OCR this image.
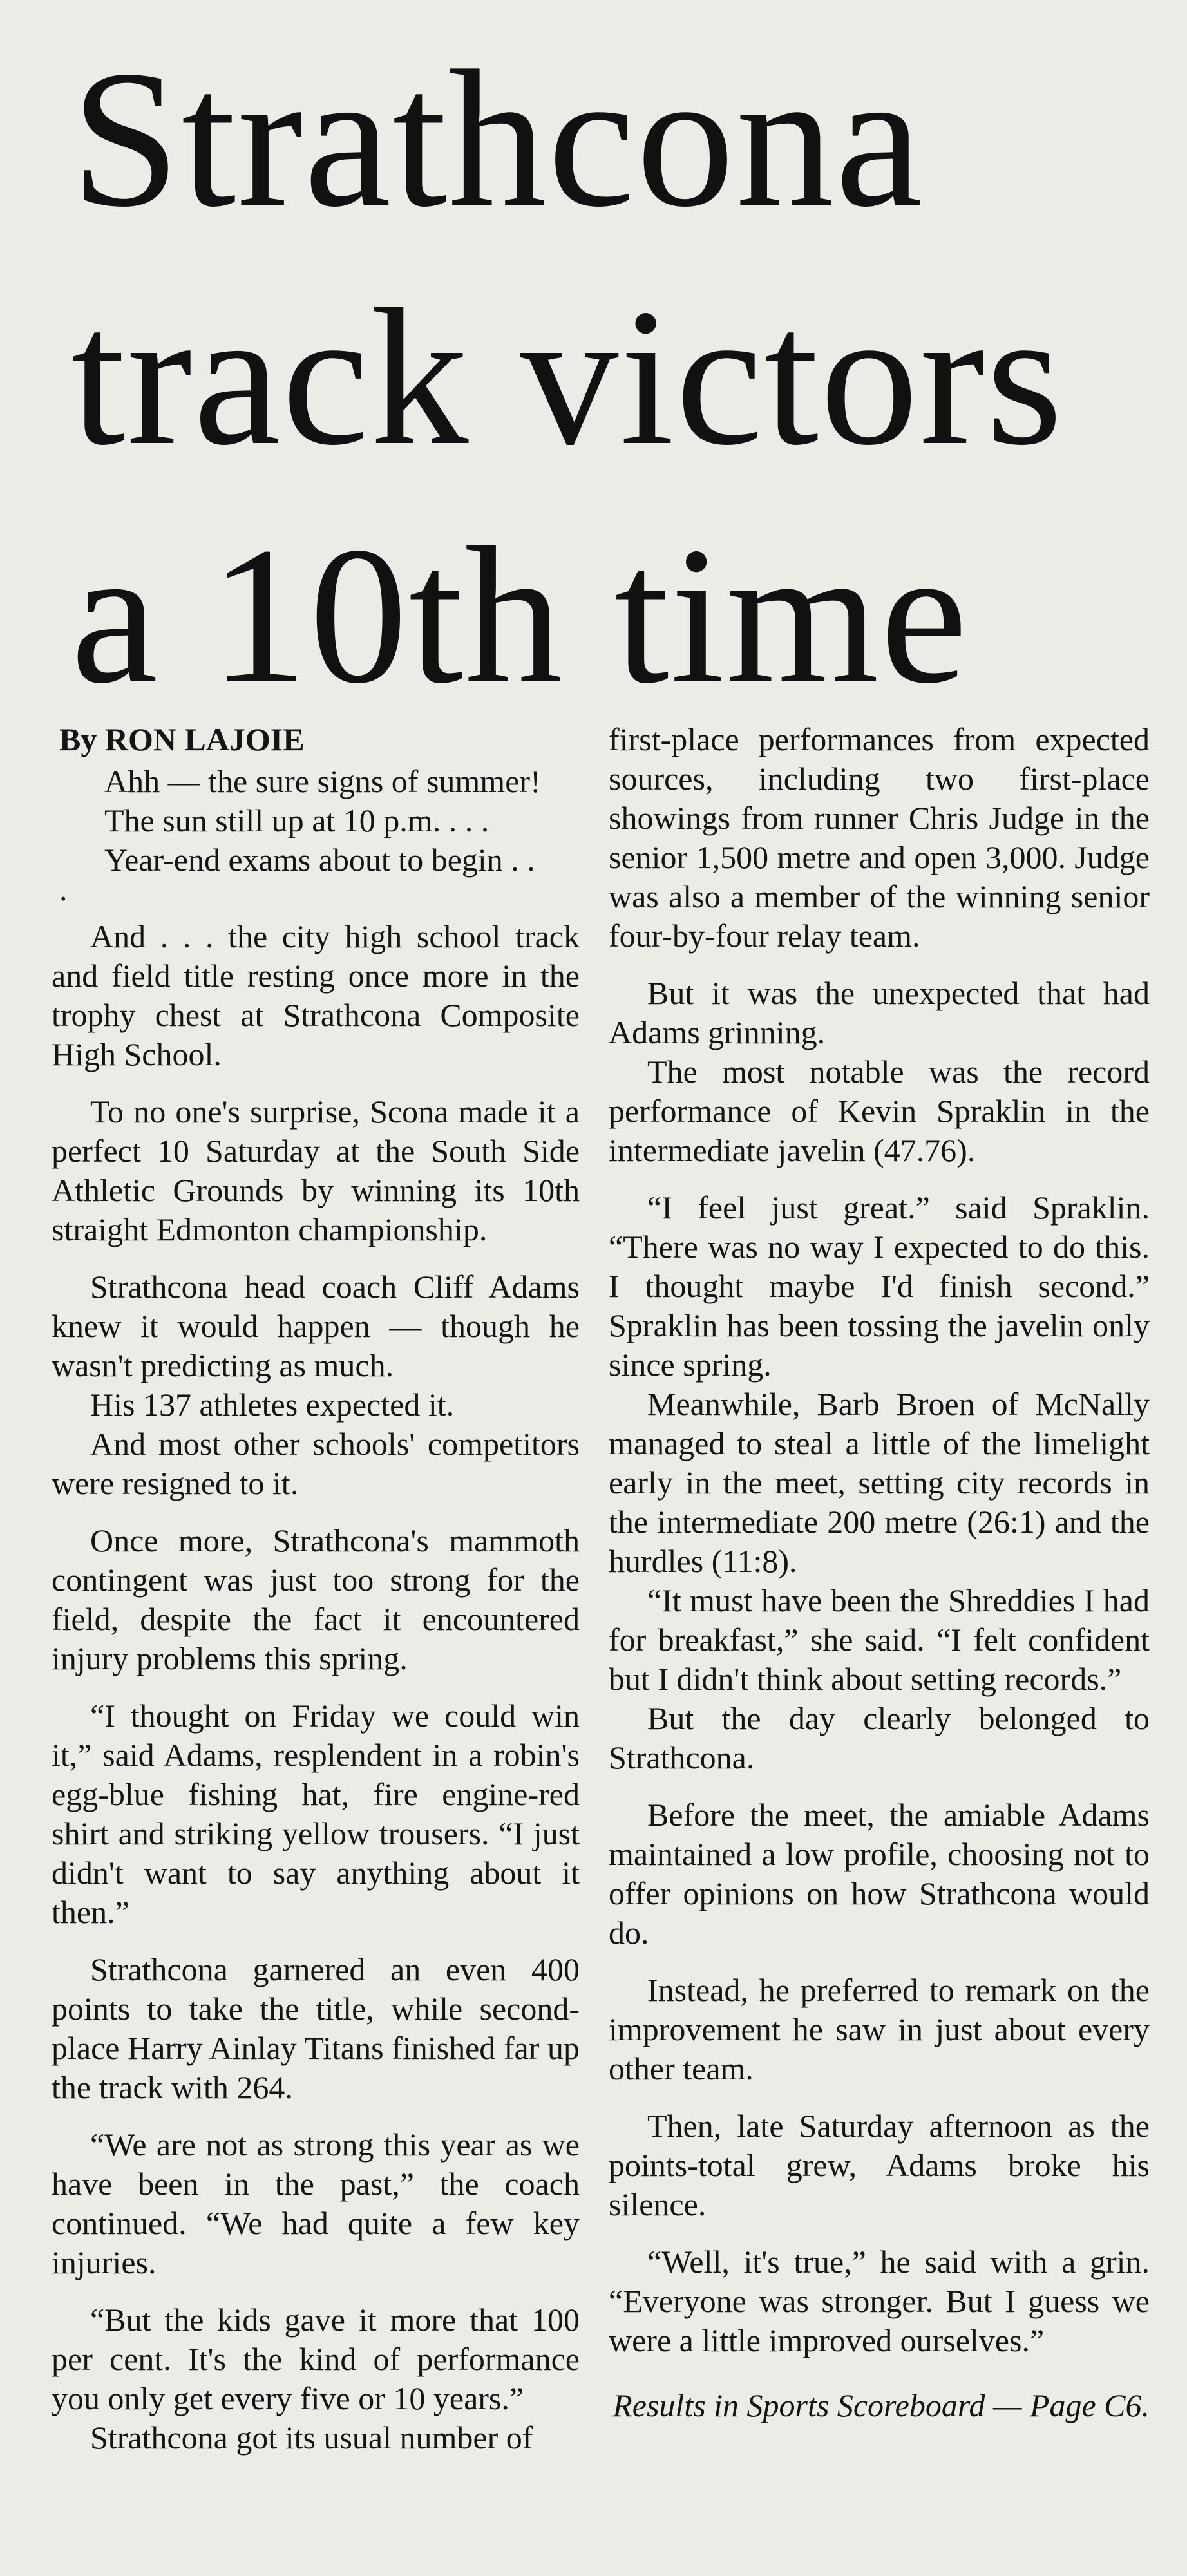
Strathcona
track victors
a 10th time
By RON LAJOIE

Ahh — the sure signs of summer!

The sun still up at 10 p.m. . . .

Year-end exams about to begin . .

.

And . . . the city high school track and field title resting once more in the trophy chest at Strathcona Composite High School.

To no one's surprise, Scona made it a perfect 10 Saturday at the South Side Athletic Grounds by winning its 10th straight Edmonton championship.

Strathcona head coach Cliff Adams knew it would happen — though he wasn't predicting as much.

His 137 athletes expected it.

And most other schools' competitors were resigned to it.

Once more, Strathcona's mammoth contingent was just too strong for the field, despite the fact it encountered injury problems this spring.

“I thought on Friday we could win it,” said Adams, resplendent in a robin's egg-blue fishing hat, fire engine-red shirt and striking yellow trousers. “I just didn't want to say anything about it then.”

Strathcona garnered an even 400 points to take the title, while second-place Harry Ainlay Titans finished far up the track with 264.

“We are not as strong this year as we have been in the past,” the coach continued. “We had quite a few key injuries.

“But the kids gave it more that 100 per cent. It's the kind of performance you only get every five or 10 years.”

Strathcona got its usual number of

first-place performances from expected sources, including two first-place showings from runner Chris Judge in the senior 1,500 metre and open 3,000. Judge was also a member of the winning senior four-by-four relay team.

But it was the unexpected that had Adams grinning.

The most notable was the record performance of Kevin Spraklin in the intermediate javelin (47.76).

“I feel just great.” said Spraklin. “There was no way I expected to do this. I thought maybe I'd finish second.” Spraklin has been tossing the javelin only since spring.

Meanwhile, Barb Broen of McNally managed to steal a little of the limelight early in the meet, setting city records in the intermediate 200 metre (26:1) and the hurdles (11:8).

“It must have been the Shreddies I had for breakfast,” she said. “I felt confident but I didn't think about setting records.”

But the day clearly belonged to Strathcona.

Before the meet, the amiable Adams maintained a low profile, choosing not to offer opinions on how Strathcona would do.

Instead, he preferred to remark on the improvement he saw in just about every other team.

Then, late Saturday afternoon as the points-total grew, Adams broke his silence.

“Well, it's true,” he said with a grin. “Everyone was stronger. But I guess we were a little improved ourselves.”

Results in Sports Scoreboard — Page C6.
